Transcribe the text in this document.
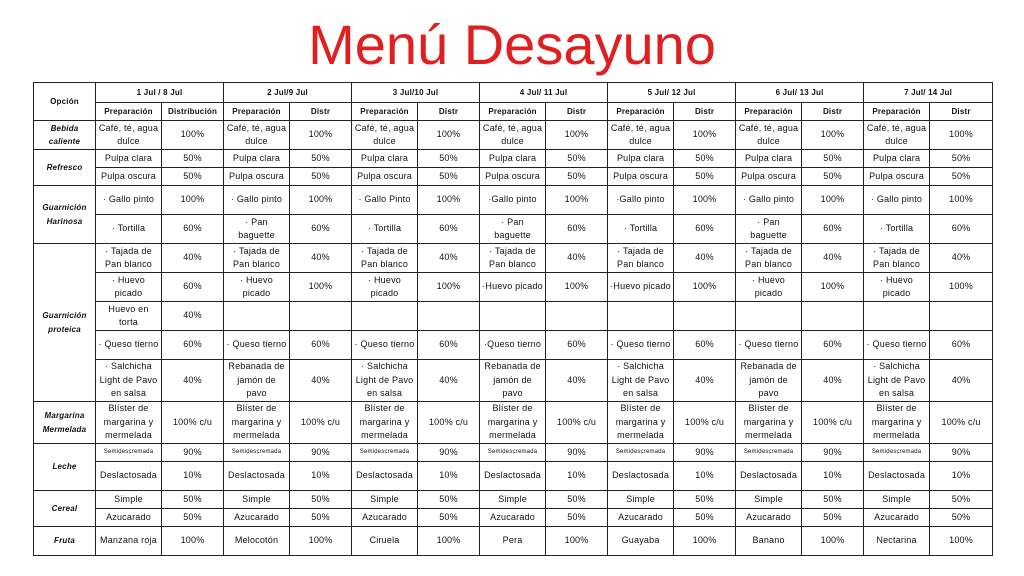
Menú Desayuno
Opción	1 Jul / 8 Jul		2 Jul/9 Jul		3 Jul/10 Jul		4 Jul/ 11 Jul		5 Jul/ 12 Jul		6 Jul/ 13 Jul		7 Jul/ 14 Jul	
	Preparación	Distribución	Preparación	Distr	Preparación	Distr	Preparación	Distr	Preparación	Distr	Preparación	Distr	Preparación	Distr
Bebida caliente	Café, té, agua dulce	100%	Café, té, agua dulce	100%	Café, té, agua dulce	100%	Café, té, agua dulce	100%	Café, té, agua dulce	100%	Café, té, agua dulce	100%	Café, té, agua dulce	100%
Refresco	Pulpa clara	50%	Pulpa clara	50%	Pulpa clara	50%	Pulpa clara	50%	Pulpa clara	50%	Pulpa clara	50%	Pulpa clara	50%
	Pulpa oscura	50%	Pulpa oscura	50%	Pulpa oscura	50%	Pulpa oscura	50%	Pulpa oscura	50%	Pulpa oscura	50%	Pulpa oscura	50%
Guarnición Harinosa	· Gallo pinto	100%	· Gallo pinto	100%	· Gallo Pinto	100%	·Gallo pinto	100%	·Gallo pinto	100%	· Gallo pinto	100%	· Gallo pinto	100%
	· Tortilla	60%	· Pan baguette	60%	· Tortilla	60%	· Pan baguette	60%	· Tortilla	60%	· Pan baguette	60%	· Tortilla	60%
Guarnición proteica	· Tajada de Pan blanco	40%	· Tajada de Pan blanco	40%	· Tajada de Pan blanco	40%	· Tajada de Pan blanco	40%	· Tajada de Pan blanco	40%	· Tajada de Pan blanco	40%	· Tajada de Pan blanco	40%
	· Huevo picado	60%	· Huevo picado	100%	· Huevo picado	100%	·Huevo picado	100%	·Huevo picado	100%	· Huevo picado	100%	· Huevo picado	100%
	Huevo en torta	40%												
	· Queso tierno	60%	· Queso tierno	60%	· Queso tierno	60%	·Queso tierno	60%	· Queso tierno	60%	· Queso tierno	60%	· Queso tierno	60%
	· Salchicha Light de Pavo en salsa	40%	Rebanada de jamón de pavo	40%	· Salchicha Light de Pavo en salsa	40%	Rebanada de jamón de pavo	40%	· Salchicha Light de Pavo en salsa	40%	Rebanada de jamón de pavo	40%	· Salchicha Light de Pavo en salsa	40%
Margarina Mermelada	Blíster de margarina y mermelada	100% c/u	Blíster de margarina y mermelada	100% c/u	Blíster de margarina y mermelada	100% c/u	Blíster de margarina y mermelada	100% c/u	Blíster de margarina y mermelada	100% c/u	Blíster de margarina y mermelada	100% c/u	Blíster de margarina y mermelada	100% c/u
Leche	Semidescremada	90%	Semidescremada	90%	Semidescremada	90%	Semidescremada	90%	Semidescremada	90%	Semidescremada	90%	Semidescremada	90%
	Deslactosada	10%	Deslactosada	10%	Deslactosada	10%	Deslactosada	10%	Deslactosada	10%	Deslactosada	10%	Deslactosada	10%
Cereal	Simple	50%	Simple	50%	Simple	50%	Simple	50%	Simple	50%	Simple	50%	Simple	50%
	Azucarado	50%	Azucarado	50%	Azucarado	50%	Azucarado	50%	Azucarado	50%	Azucarado	50%	Azucarado	50%
Fruta	Manzana roja	100%	Melocotón	100%	Ciruela	100%	Pera	100%	Guayaba	100%	Banano	100%	Nectarina	100%
